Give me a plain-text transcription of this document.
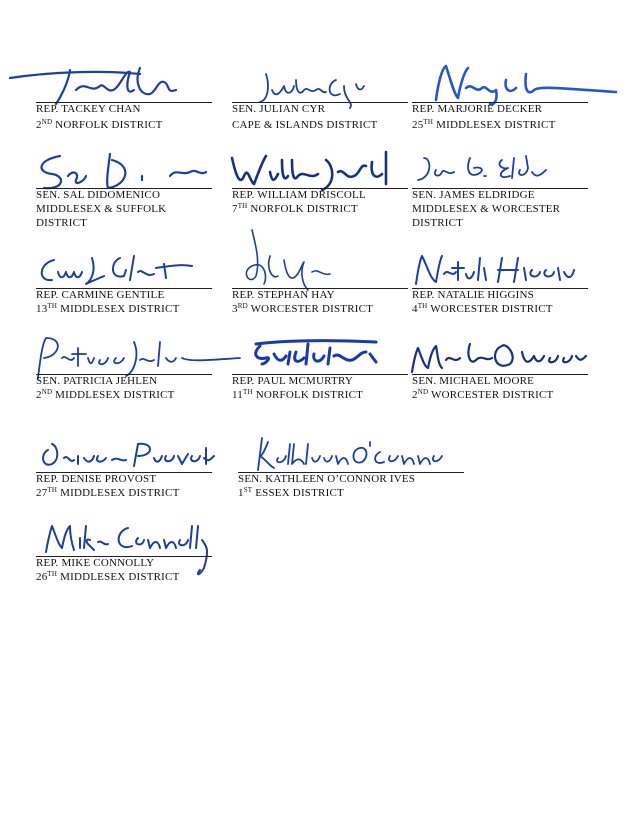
REP. TACKEY CHAN
2ND NORFOLK DISTRICT
SEN. JULIAN CYR
CAPE & ISLANDS DISTRICT
REP. MARJORIE DECKER
25TH MIDDLESEX DISTRICT
SEN. SAL DIDOMENICO
MIDDLESEX & SUFFOLK
DISTRICT
REP. WILLIAM DRISCOLL
7TH NORFOLK DISTRICT
SEN. JAMES ELDRIDGE
MIDDLESEX & WORCESTER
DISTRICT
REP. CARMINE GENTILE
13TH MIDDLESEX DISTRICT
REP. STEPHAN HAY
3RD WORCESTER DISTRICT
REP. NATALIE HIGGINS
4TH WORCESTER DISTRICT
SEN. PATRICIA JEHLEN
2ND MIDDLESEX DISTRICT
REP. PAUL MCMURTRY
11TH NORFOLK DISTRICT
SEN. MICHAEL MOORE
2ND WORCESTER DISTRICT
REP. DENISE PROVOST
27TH MIDDLESEX DISTRICT
SEN. KATHLEEN O’CONNOR IVES
1ST ESSEX DISTRICT
REP. MIKE CONNOLLY
26TH MIDDLESEX DISTRICT
